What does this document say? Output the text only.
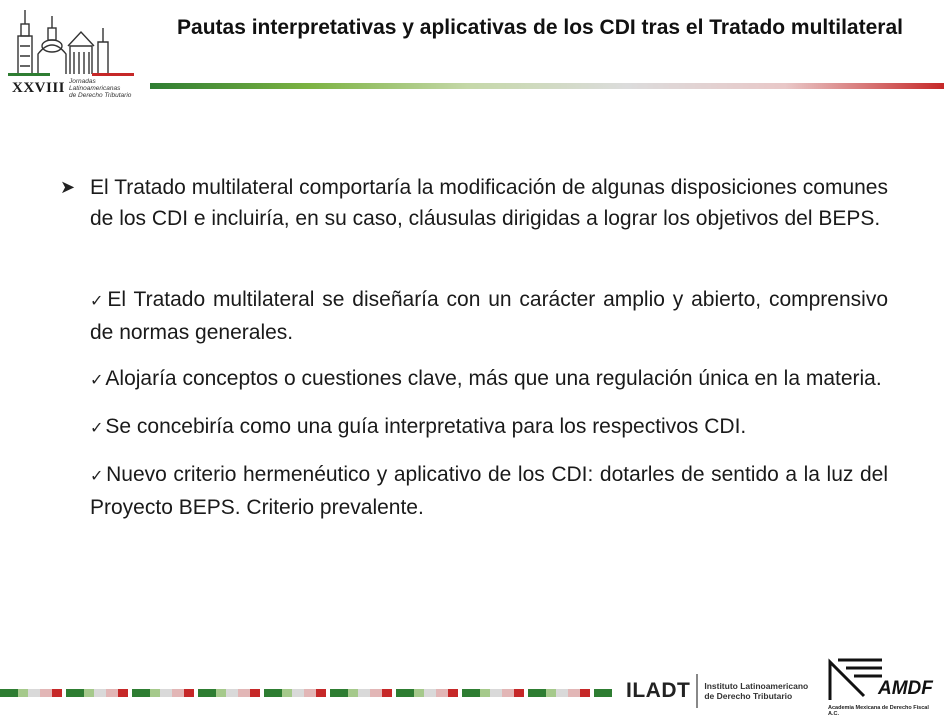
XXVIII Jornadas Latinoamericanas
de Derecho Tributario
Pautas interpretativas y aplicativas de los CDI tras el Tratado multilateral
➤ El Tratado multilateral comportaría la modificación de algunas disposiciones comunes de los CDI e incluiría, en su caso, cláusulas dirigidas a lograr los objetivos del BEPS.
✓El Tratado multilateral se diseñaría con un carácter amplio y abierto, comprensivo de normas generales.
✓Alojaría conceptos o cuestiones clave, más que una regulación única en la materia.
✓Se concebiría como una guía interpretativa para los respectivos CDI.
✓Nuevo criterio hermenéutico y aplicativo de los CDI: dotarles de sentido a la luz del Proyecto BEPS. Criterio prevalente.
ILADT Instituto Latinoamericano
de Derecho Tributario	AMDF
Academia Mexicana de Derecho Fiscal A.C.
